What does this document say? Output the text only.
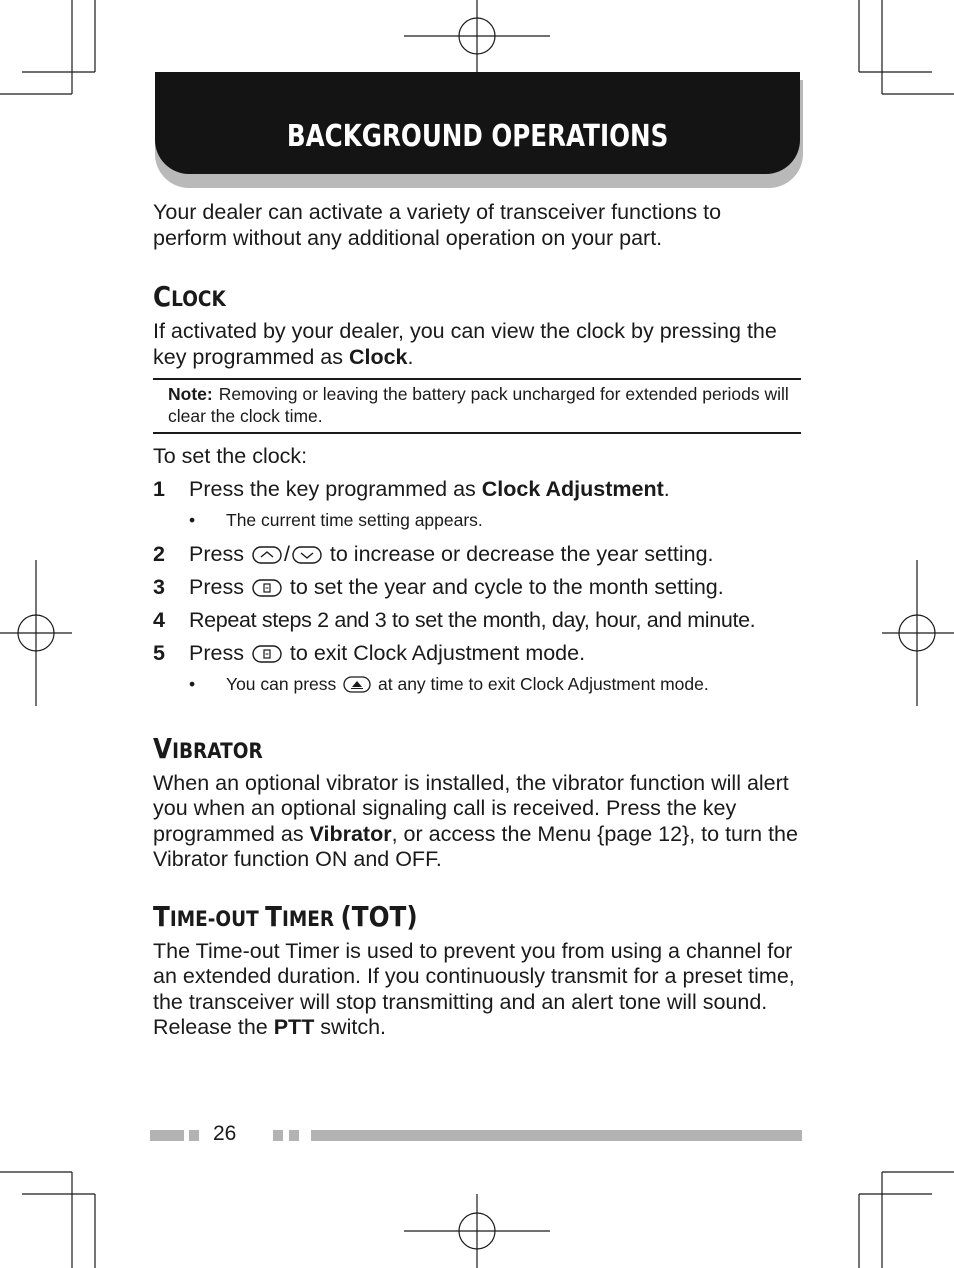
BACKGROUND OPERATIONS

Your dealer can activate a variety of transceiver functions to perform without any additional operation on your part.

CLOCK

If activated by your dealer, you can view the clock by pressing the key programmed as Clock.

Note: Removing or leaving the battery pack uncharged for extended periods will clear the clock time.

To set the clock:

1	Press the key programmed as Clock Adjustment.
•	The current time setting appears.
2	Press / to increase or decrease the year setting.
3	Press  to set the year and cycle to the month setting.
4	Repeat steps 2 and 3 to set the month, day, hour, and minute.
5	Press  to exit Clock Adjustment mode.
•	You can press  at any time to exit Clock Adjustment mode.
VIBRATOR

When an optional vibrator is installed, the vibrator function will alert you when an optional signaling call is received. Press the key programmed as Vibrator, or access the Menu {page 12}, to turn the Vibrator function ON and OFF.

TIME-OUT TIMER (TOT)

The Time-out Timer is used to prevent you from using a channel for an extended duration. If you continuously transmit for a preset time, the transceiver will stop transmitting and an alert tone will sound. Release the PTT switch.

26
